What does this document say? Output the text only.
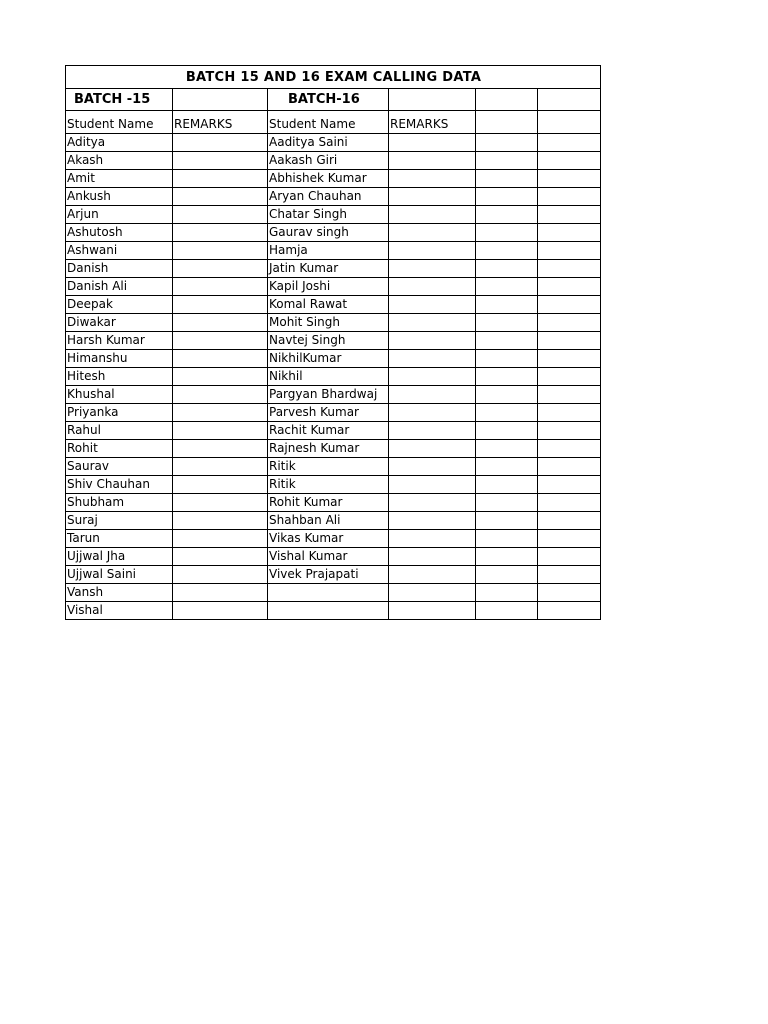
BATCH 15 AND 16 EXAM CALLING DATA					
BATCH -15		BATCH-16			
Student Name	REMARKS	Student Name	REMARKS		
Aditya		Aaditya Saini			
Akash		Aakash Giri			
Amit		Abhishek Kumar			
Ankush		Aryan Chauhan			
Arjun		Chatar Singh			
Ashutosh		Gaurav singh			
Ashwani		Hamja			
Danish		Jatin Kumar			
Danish Ali		Kapil Joshi			
Deepak		Komal Rawat			
Diwakar		Mohit Singh			
Harsh Kumar		Navtej Singh			
Himanshu		NikhilKumar			
Hitesh		Nikhil			
Khushal		Pargyan Bhardwaj			
Priyanka		Parvesh Kumar			
Rahul		Rachit Kumar			
Rohit		Rajnesh Kumar			
Saurav		Ritik			
Shiv Chauhan		Ritik			
Shubham		Rohit Kumar			
Suraj		Shahban Ali			
Tarun		Vikas Kumar			
Ujjwal Jha		Vishal Kumar			
Ujjwal Saini		Vivek Prajapati			
Vansh					
Vishal					
